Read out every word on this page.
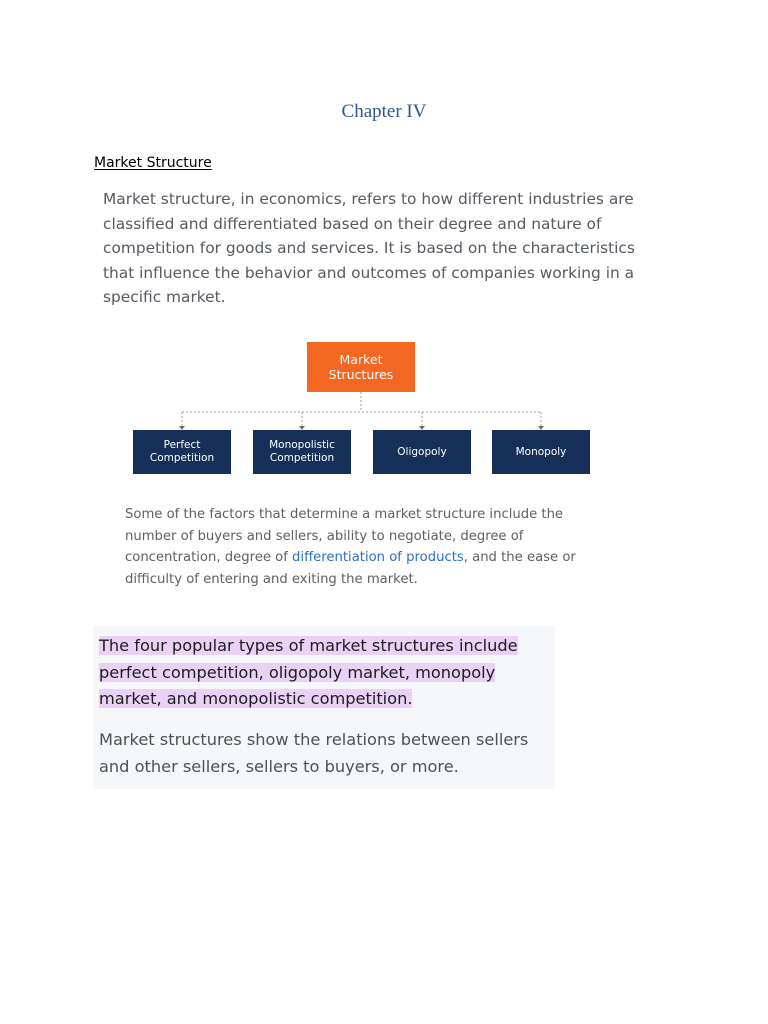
Chapter IV
Market Structure

Market structure, in economics, refers to how different industries are classified and differentiated based on their degree and nature of competition for goods and services. It is based on the characteristics that influence the behavior and outcomes of companies working in a specific market.

Market
Structures
Perfect
Competition
Monopolistic
Competition
Oligopoly	Monopoly

Some of the factors that determine a market structure include the number of buyers and sellers, ability to negotiate, degree of concentration, degree of differentiation of products, and the ease or difficulty of entering and exiting the market.

The four popular types of market structures include perfect competition, oligopoly market, monopoly market, and monopolistic competition.

Market structures show the relations between sellers and other sellers, sellers to buyers, or more.
